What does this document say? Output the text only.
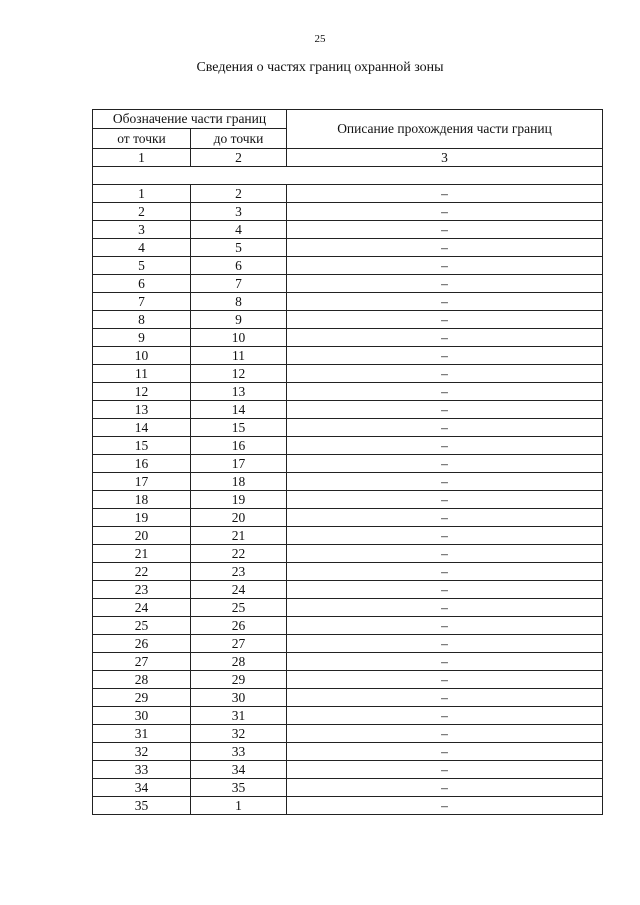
25
Сведения о частях границ охранной зоны
Обозначение части границ		Описание прохождения части границ
от точки	до точки	
1	2	3

1	2	–
2	3	–
3	4	–
4	5	–
5	6	–
6	7	–
7	8	–
8	9	–
9	10	–
10	11	–
11	12	–
12	13	–
13	14	–
14	15	–
15	16	–
16	17	–
17	18	–
18	19	–
19	20	–
20	21	–
21	22	–
22	23	–
23	24	–
24	25	–
25	26	–
26	27	–
27	28	–
28	29	–
29	30	–
30	31	–
31	32	–
32	33	–
33	34	–
34	35	–
35	1	–
